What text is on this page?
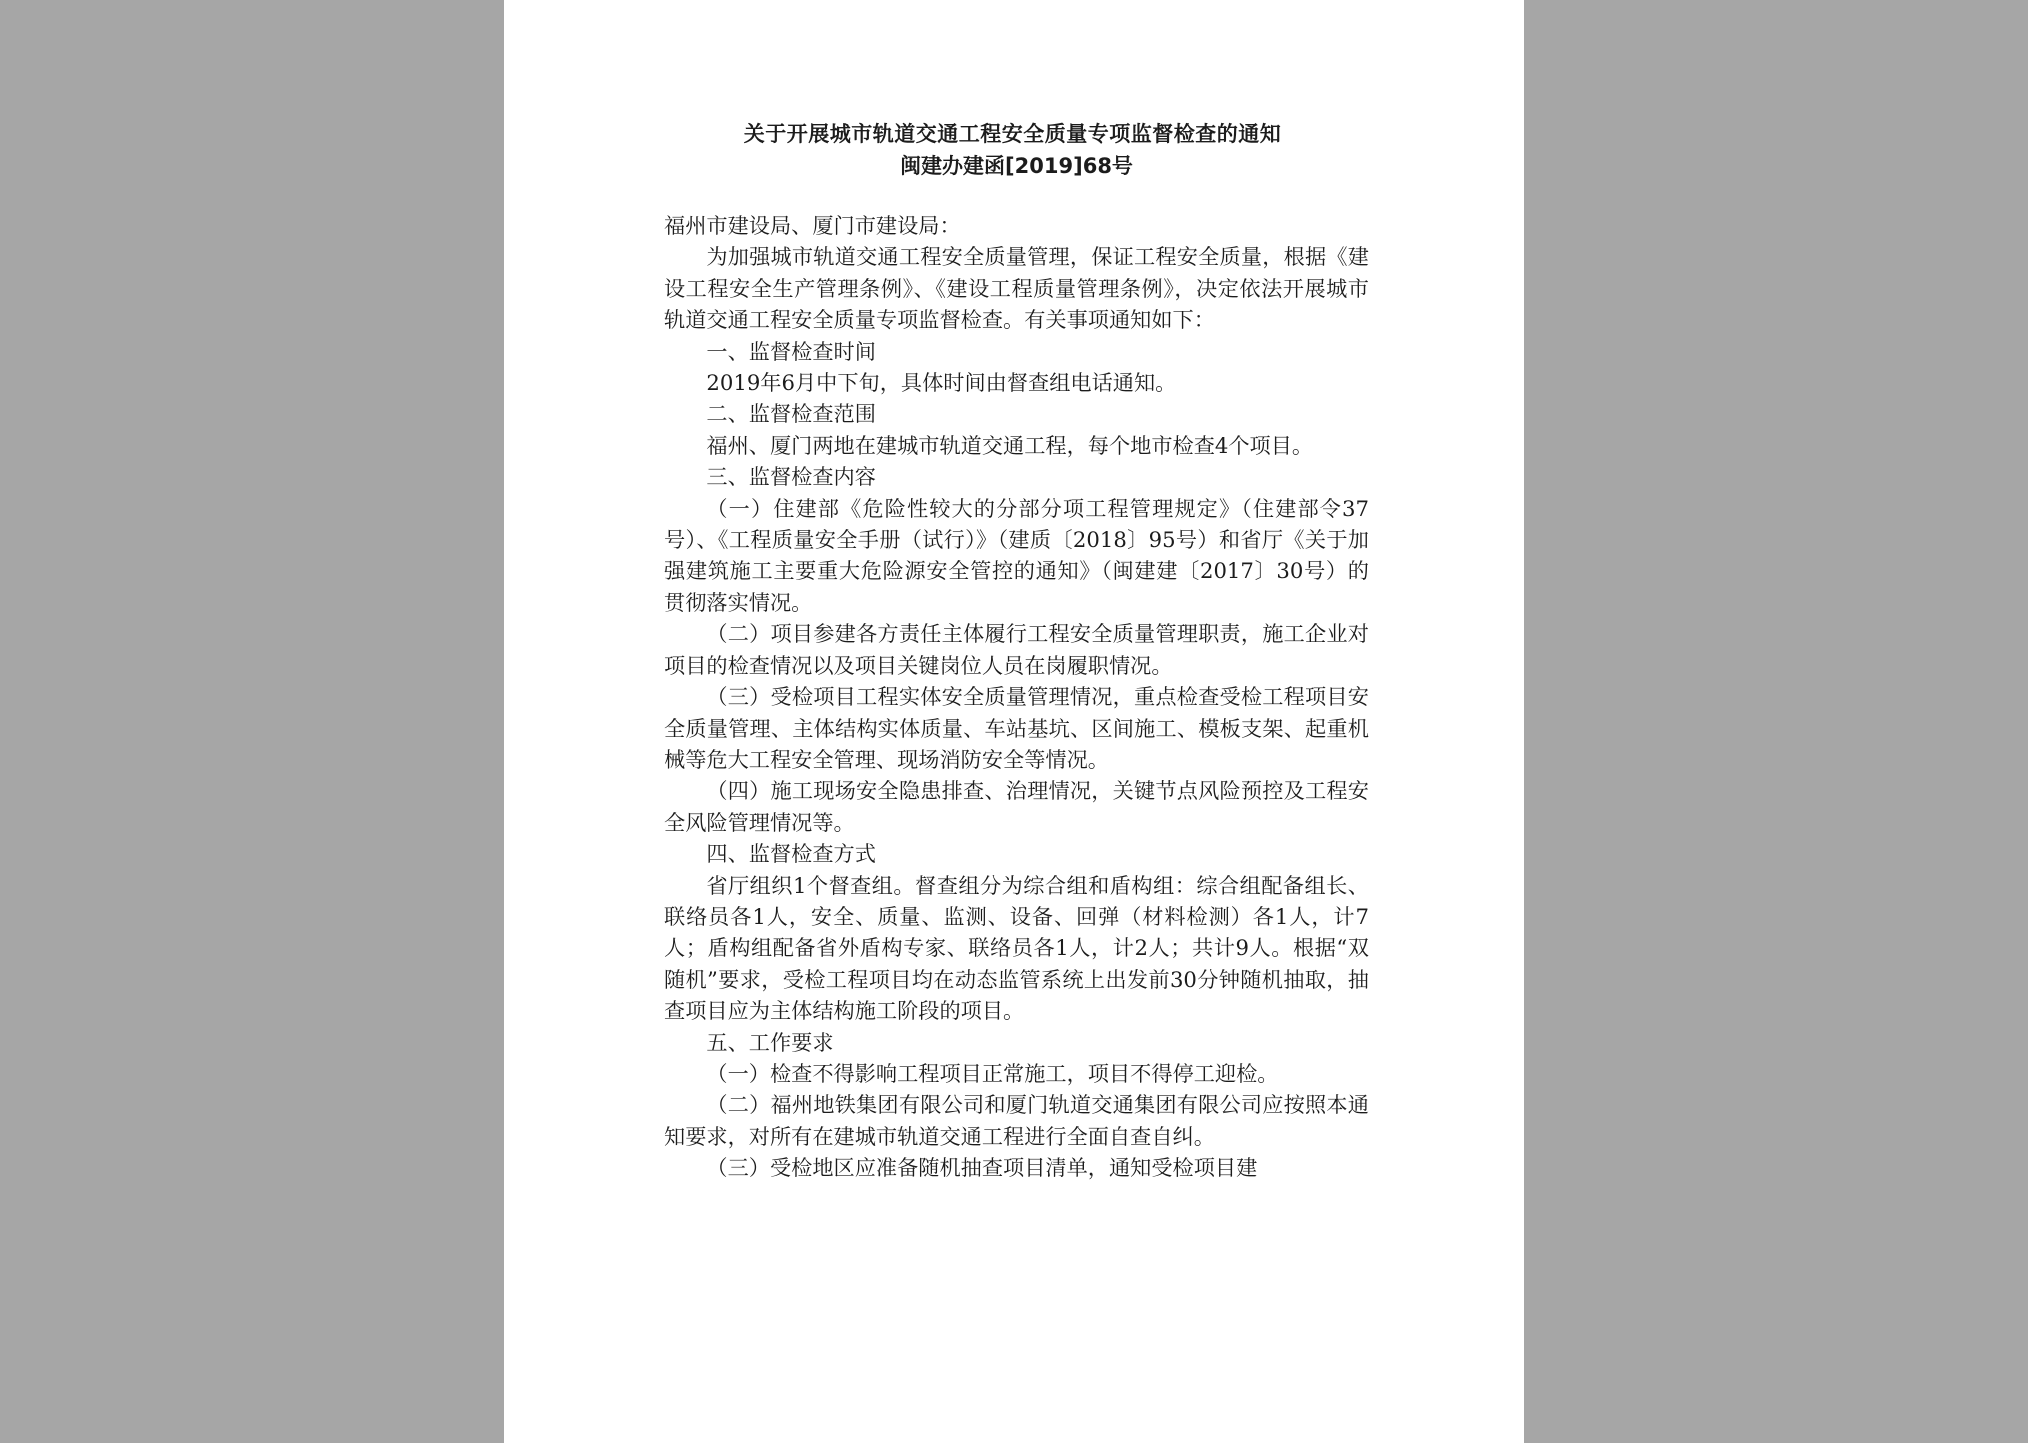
关于开展城市轨道交通工程安全质量专项监督检查的通知
闽建办建函[2019]68号

福州市建设局、厦门市建设局：

为加强城市轨道交通工程安全质量管理，保证工程安全质量，根据《建设工程安全生产管理条例》、《建设工程质量管理条例》，决定依法开展城市轨道交通工程安全质量专项监督检查。有关事项通知如下：

一、监督检查时间

2019年6月中下旬，具体时间由督查组电话通知。

二、监督检查范围

福州、厦门两地在建城市轨道交通工程，每个地市检查4个项目。

三、监督检查内容

（一）住建部《危险性较大的分部分项工程管理规定》（住建部令37号）、《工程质量安全手册（试行）》（建质〔2018〕95号）和省厅《关于加强建筑施工主要重大危险源安全管控的通知》（闽建建〔2017〕30号）的贯彻落实情况。

（二）项目参建各方责任主体履行工程安全质量管理职责，施工企业对项目的检查情况以及项目关键岗位人员在岗履职情况。

（三）受检项目工程实体安全质量管理情况，重点检查受检工程项目安全质量管理、主体结构实体质量、车站基坑、区间施工、模板支架、起重机械等危大工程安全管理、现场消防安全等情况。

（四）施工现场安全隐患排查、治理情况，关键节点风险预控及工程安全风险管理情况等。

四、监督检查方式

省厅组织1个督查组。督查组分为综合组和盾构组：综合组配备组长、联络员各1人，安全、质量、监测、设备、回弹（材料检测）各1人，计7人；盾构组配备省外盾构专家、联络员各1人，计2人；共计9人。根据“双随机”要求，受检工程项目均在动态监管系统上出发前30分钟随机抽取，抽查项目应为主体结构施工阶段的项目。

五、工作要求

（一）检查不得影响工程项目正常施工，项目不得停工迎检。

（二）福州地铁集团有限公司和厦门轨道交通集团有限公司应按照本通知要求，对所有在建城市轨道交通工程进行全面自查自纠。

（三）受检地区应准备随机抽查项目清单，通知受检项目建
